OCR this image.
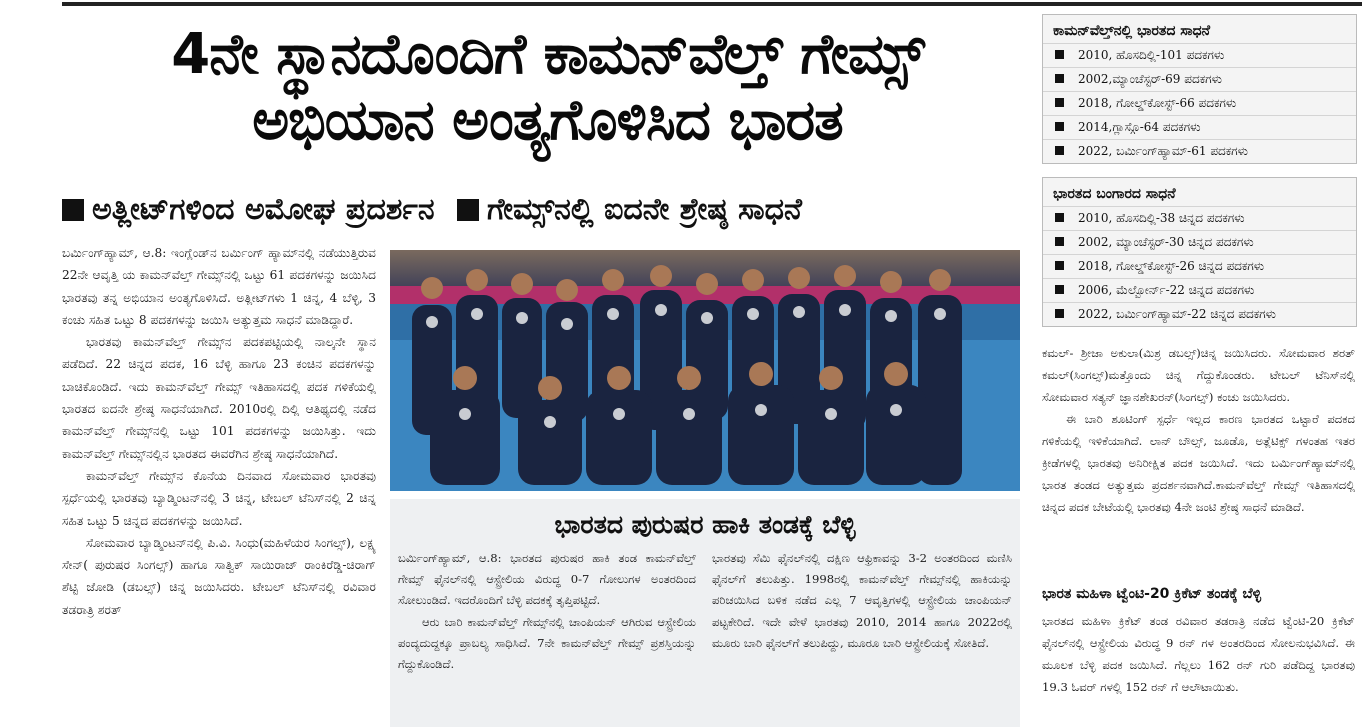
4ನೇ ಸ್ಥಾನದೊಂದಿಗೆ ಕಾಮನ್‌ವೆಲ್ತ್ ಗೇಮ್ಸ್
ಅಭಿಯಾನ ಅಂತ್ಯಗೊಳಿಸಿದ ಭಾರತ
ಅತ್ಲೀಟ್‌ಗಳಿಂದ ಅಮೋಘ ಪ್ರದರ್ಶನ ಗೇಮ್ಸ್‌ನಲ್ಲಿ ಐದನೇ ಶ್ರೇಷ್ಠ ಸಾಧನೆ

ಬರ್ಮಿಂಗ್‌ಹ್ಯಾಮ್, ಆ.8: ಇಂಗ್ಲೆಂಡ್‌ನ ಬರ್ಮಿಂಗ್ ಹ್ಯಾಮ್‌ನಲ್ಲಿ ನಡೆಯುತ್ತಿರುವ 22ನೇ ಆವೃತ್ತಿ ಯ ಕಾಮನ್‌ವೆಲ್ತ್ ಗೇಮ್ಸ್‌ನಲ್ಲಿ ಒಟ್ಟು 61 ಪದಕಗಳನ್ನು ಜಯಿಸಿದ ಭಾರತವು ತನ್ನ ಅಭಿಯಾನ ಅಂತ್ಯಗೊಳಿಸಿದೆ. ಅತ್ಲೀಟ್‌ಗಳು 1 ಚಿನ್ನ, 4 ಬೆಳ್ಳಿ, 3 ಕಂಚು ಸಹಿತ ಒಟ್ಟು 8 ಪದಕಗಳನ್ನು ಜಯಿಸಿ ಅತ್ಯುತ್ತಮ ಸಾಧನೆ ಮಾಡಿದ್ದಾರೆ.

ಭಾರತವು ಕಾಮನ್‌ವೆಲ್ತ್ ಗೇಮ್ಸ್‌ನ ಪದಕಪಟ್ಟಿಯಲ್ಲಿ ನಾಲ್ಕನೇ ಸ್ಥಾನ ಪಡೆದಿದೆ. 22 ಚಿನ್ನದ ಪದಕ, 16 ಬೆಳ್ಳಿ ಹಾಗೂ 23 ಕಂಚಿನ ಪದಕಗಳನ್ನು ಬಾಚಿಕೊಂಡಿದೆ. ಇದು ಕಾಮನ್‌ವೆಲ್ತ್ ಗೇಮ್ಸ್ ಇತಿಹಾಸದಲ್ಲಿ ಪದಕ ಗಳಿಕೆಯಲ್ಲಿ ಭಾರತದ ಐದನೇ ಶ್ರೇಷ್ಠ ಸಾಧನೆಯಾಗಿದೆ. 2010ರಲ್ಲಿ ದಿಲ್ಲಿ ಆತಿಥ್ಯದಲ್ಲಿ ನಡೆದ ಕಾಮನ್‌ವೆಲ್ತ್ ಗೇಮ್ಸ್‌ನಲ್ಲಿ ಒಟ್ಟು 101 ಪದಕಗಳನ್ನು ಜಯಿಸಿತ್ತು. ಇದು ಕಾಮನ್‌ವೆಲ್ತ್ ಗೇಮ್ಸ್‌ನಲ್ಲಿನ ಭಾರತದ ಈವರೆಗಿನ ಶ್ರೇಷ್ಠ ಸಾಧನೆಯಾಗಿದೆ.

ಕಾಮನ್‌ವೆಲ್ತ್ ಗೇಮ್ಸ್‌ನ ಕೊನೆಯ ದಿನವಾದ ಸೋಮವಾರ ಭಾರತವು ಸ್ಪರ್ಧೆಯಲ್ಲಿ ಭಾರತವು ಬ್ಯಾಡ್ಮಿಂಟನ್‌ನಲ್ಲಿ 3 ಚಿನ್ನ, ಟೇಬಲ್ ಟೆನಿಸ್‌ನಲ್ಲಿ 2 ಚಿನ್ನ ಸಹಿತ ಒಟ್ಟು 5 ಚಿನ್ನದ ಪದಕಗಳನ್ನು ಜಯಿಸಿದೆ.

ಸೋಮವಾರ ಬ್ಯಾಡ್ಮಿಂಟನ್‌ನಲ್ಲಿ ಪಿ.ವಿ. ಸಿಂಧು(ಮಹಿಳೆಯರ ಸಿಂಗಲ್ಸ್), ಲಕ್ಷ್ಯ ಸೇನ್( ಪುರುಷರ ಸಿಂಗಲ್ಸ್) ಹಾಗೂ ಸಾತ್ವಿಕ್ ಸಾಯಿರಾಜ್ ರಾಂಕಿರೆಡ್ಡಿ-ಚಿರಾಗ್ ಶೆಟ್ಟಿ ಜೋಡಿ (ಡಬಲ್ಸ್) ಚಿನ್ನ ಜಯಿಸಿದರು. ಟೇಬಲ್ ಟೆನಿಸ್‌ನಲ್ಲಿ ರವಿವಾರ ತಡರಾತ್ರಿ ಶರತ್

ಭಾರತದ ಪುರುಷರ ಹಾಕಿ ತಂಡಕ್ಕೆ ಬೆಳ್ಳಿ

ಬರ್ಮಿಂಗ್‌ಹ್ಯಾಮ್, ಆ.8: ಭಾರತದ ಪುರುಷರ ಹಾಕಿ ತಂಡ ಕಾಮನ್‌ವೆಲ್ತ್ ಗೇಮ್ಸ್ ಫೈನಲ್‌ನಲ್ಲಿ ಆಸ್ಟ್ರೇಲಿಯ ವಿರುದ್ಧ 0-7 ಗೋಲುಗಳ ಅಂತರದಿಂದ ಸೋಲುಂಡಿದೆ. ಇದರೊಂದಿಗೆ ಬೆಳ್ಳಿ ಪದಕಕ್ಕೆ ತೃಪ್ತಿಪಟ್ಟಿದೆ.

ಆರು ಬಾರಿ ಕಾಮನ್‌ವೆಲ್ತ್ ಗೇಮ್ಸ್‌ನಲ್ಲಿ ಚಾಂಪಿಯನ್ ಆಗಿರುವ ಆಸ್ಟ್ರೇಲಿಯ ಪಂದ್ಯದುದ್ದಕ್ಕೂ ಪ್ರಾಬಲ್ಯ ಸಾಧಿಸಿದೆ. 7ನೇ ಕಾಮನ್‌ವೆಲ್ತ್ ಗೇಮ್ಸ್ ಪ್ರಶಸ್ತಿಯನ್ನು ಗೆದ್ದುಕೊಂಡಿದೆ.

ಭಾರತವು ಸೆಮಿ ಫೈನಲ್‌ನಲ್ಲಿ ದಕ್ಷಿಣ ಆಫ್ರಿಕಾವನ್ನು 3-2 ಅಂತರದಿಂದ ಮಣಿಸಿ ಫೈನಲ್‌ಗೆ ತಲುಪಿತ್ತು. 1998ರಲ್ಲಿ ಕಾಮನ್‌ವೆಲ್ತ್ ಗೇಮ್ಸ್‌ನಲ್ಲಿ ಹಾಕಿಯನ್ನು ಪರಿಚಯಿಸಿದ ಬಳಿಕ ನಡೆದ ಎಲ್ಲ 7 ಆವೃತ್ತಿಗಳಲ್ಲಿ ಆಸ್ಟ್ರೇಲಿಯ ಚಾಂಪಿಯನ್ ಪಟ್ಟಕೇರಿದೆ. ಇದೇ ವೇಳೆ ಭಾರತವು 2010, 2014 ಹಾಗೂ 2022ರಲ್ಲಿ ಮೂರು ಬಾರಿ ಫೈನಲ್‌ಗೆ ತಲುಪಿದ್ದು, ಮೂರೂ ಬಾರಿ ಆಸ್ಟ್ರೇಲಿಯಕ್ಕೆ ಸೋತಿದೆ.

ಕಾಮನ್‌ವೆಲ್ತ್‌ನಲ್ಲಿ ಭಾರತದ ಸಾಧನೆ
2010, ಹೊಸದಿಲ್ಲಿ-101 ಪದಕಗಳು
2002,ಮ್ಯಾಂಚೆಸ್ಟರ್-69 ಪದಕಗಳು
2018, ಗೋಲ್ಡ್‌ಕೋಸ್ಟ್-66 ಪದಕಗಳು
2014,ಗ್ಲಾಸ್ಗೊ-64 ಪದಕಗಳು
2022, ಬರ್ಮಿಂಗ್‌ಹ್ಯಾಮ್-61 ಪದಕಗಳು
ಭಾರತದ ಬಂಗಾರದ ಸಾಧನೆ
2010, ಹೊಸದಿಲ್ಲಿ-38 ಚಿನ್ನದ ಪದಕಗಳು
2002, ಮ್ಯಾಂಚೆಸ್ಟರ್-30 ಚಿನ್ನದ ಪದಕಗಳು
2018, ಗೋಲ್ಡ್‌ಕೋಸ್ಟ್-26 ಚಿನ್ನದ ಪದಕಗಳು
2006, ಮೆಲ್ಬೋರ್ನ್-22 ಚಿನ್ನದ ಪದಕಗಳು
2022, ಬರ್ಮಿಂಗ್‌ಹ್ಯಾಮ್-22 ಚಿನ್ನದ ಪದಕಗಳು

ಕಮಲ್- ಶ್ರೀಜಾ ಅಕುಲಾ(ಮಿಶ್ರ ಡಬಲ್ಸ್)ಚಿನ್ನ ಜಯಿಸಿದರು. ಸೋಮವಾರ ಶರತ್ ಕಮಲ್(ಸಿಂಗಲ್ಸ್)ಮತ್ತೊಂದು ಚಿನ್ನ ಗೆದ್ದುಕೊಂಡರು. ಟೇಬಲ್ ಟೆನಿಸ್‌ನಲ್ಲಿ ಸೋಮವಾರ ಸತ್ಯನ್ ಜ್ಞಾನಶೇಖರನ್(ಸಿಂಗಲ್ಸ್) ಕಂಚು ಜಯಿಸಿದರು.

ಈ ಬಾರಿ ಶೂಟಿಂಗ್ ಸ್ಪರ್ಧೆ ಇಲ್ಲದ ಕಾರಣ ಭಾರತದ ಒಟ್ಟಾರೆ ಪದಕದ ಗಳಿಕೆಯಲ್ಲಿ ಇಳಿಕೆಯಾಗಿದೆ. ಲಾನ್ ಬೌಲ್ಸ್, ಜೂಡೊ, ಅತ್ಲೆಟಿಕ್ಸ್ ಗಳಂತಹ ಇತರ ಕ್ರೀಡೆಗಳಲ್ಲಿ ಭಾರತವು ಅನಿರೀಕ್ಷಿತ ಪದಕ ಜಯಿಸಿದೆ. ಇದು ಬರ್ಮಿಂಗ್‌ಹ್ಯಾಮ್‌ನಲ್ಲಿ ಭಾರತ ತಂಡದ ಅತ್ಯುತ್ತಮ ಪ್ರದರ್ಶನವಾಗಿದೆ.ಕಾಮನ್‌ವೆಲ್ತ್ ಗೇಮ್ಸ್ ಇತಿಹಾಸದಲ್ಲಿ ಚಿನ್ನದ ಪದಕ ಬೇಟೆಯಲ್ಲಿ ಭಾರತವು 4ನೇ ಜಂಟಿ ಶ್ರೇಷ್ಠ ಸಾಧನೆ ಮಾಡಿದೆ.

ಭಾರತ ಮಹಿಳಾ ಟ್ವೆಂಟಿ-20 ಕ್ರಿಕೆಟ್ ತಂಡಕ್ಕೆ ಬೆಳ್ಳಿ

ಭಾರತದ ಮಹಿಳಾ ಕ್ರಿಕೆಟ್ ತಂಡ ರವಿವಾರ ತಡರಾತ್ರಿ ನಡೆದ ಟ್ವೆಂಟಿ-20 ಕ್ರಿಕೆಟ್ ಫೈನಲ್‌ನಲ್ಲಿ ಆಸ್ಟ್ರೇಲಿಯ ವಿರುದ್ಧ 9 ರನ್ ಗಳ ಅಂತರದಿಂದ ಸೋಲನುಭವಿಸಿದೆ. ಈ ಮೂಲಕ ಬೆಳ್ಳಿ ಪದಕ ಜಯಿಸಿದೆ. ಗೆಲ್ಲಲು 162 ರನ್ ಗುರಿ ಪಡೆದಿದ್ದ ಭಾರತವು 19.3 ಓವರ್ ಗಳಲ್ಲಿ 152 ರನ್ ಗೆ ಆಲೌಟಾಯಿತು.
